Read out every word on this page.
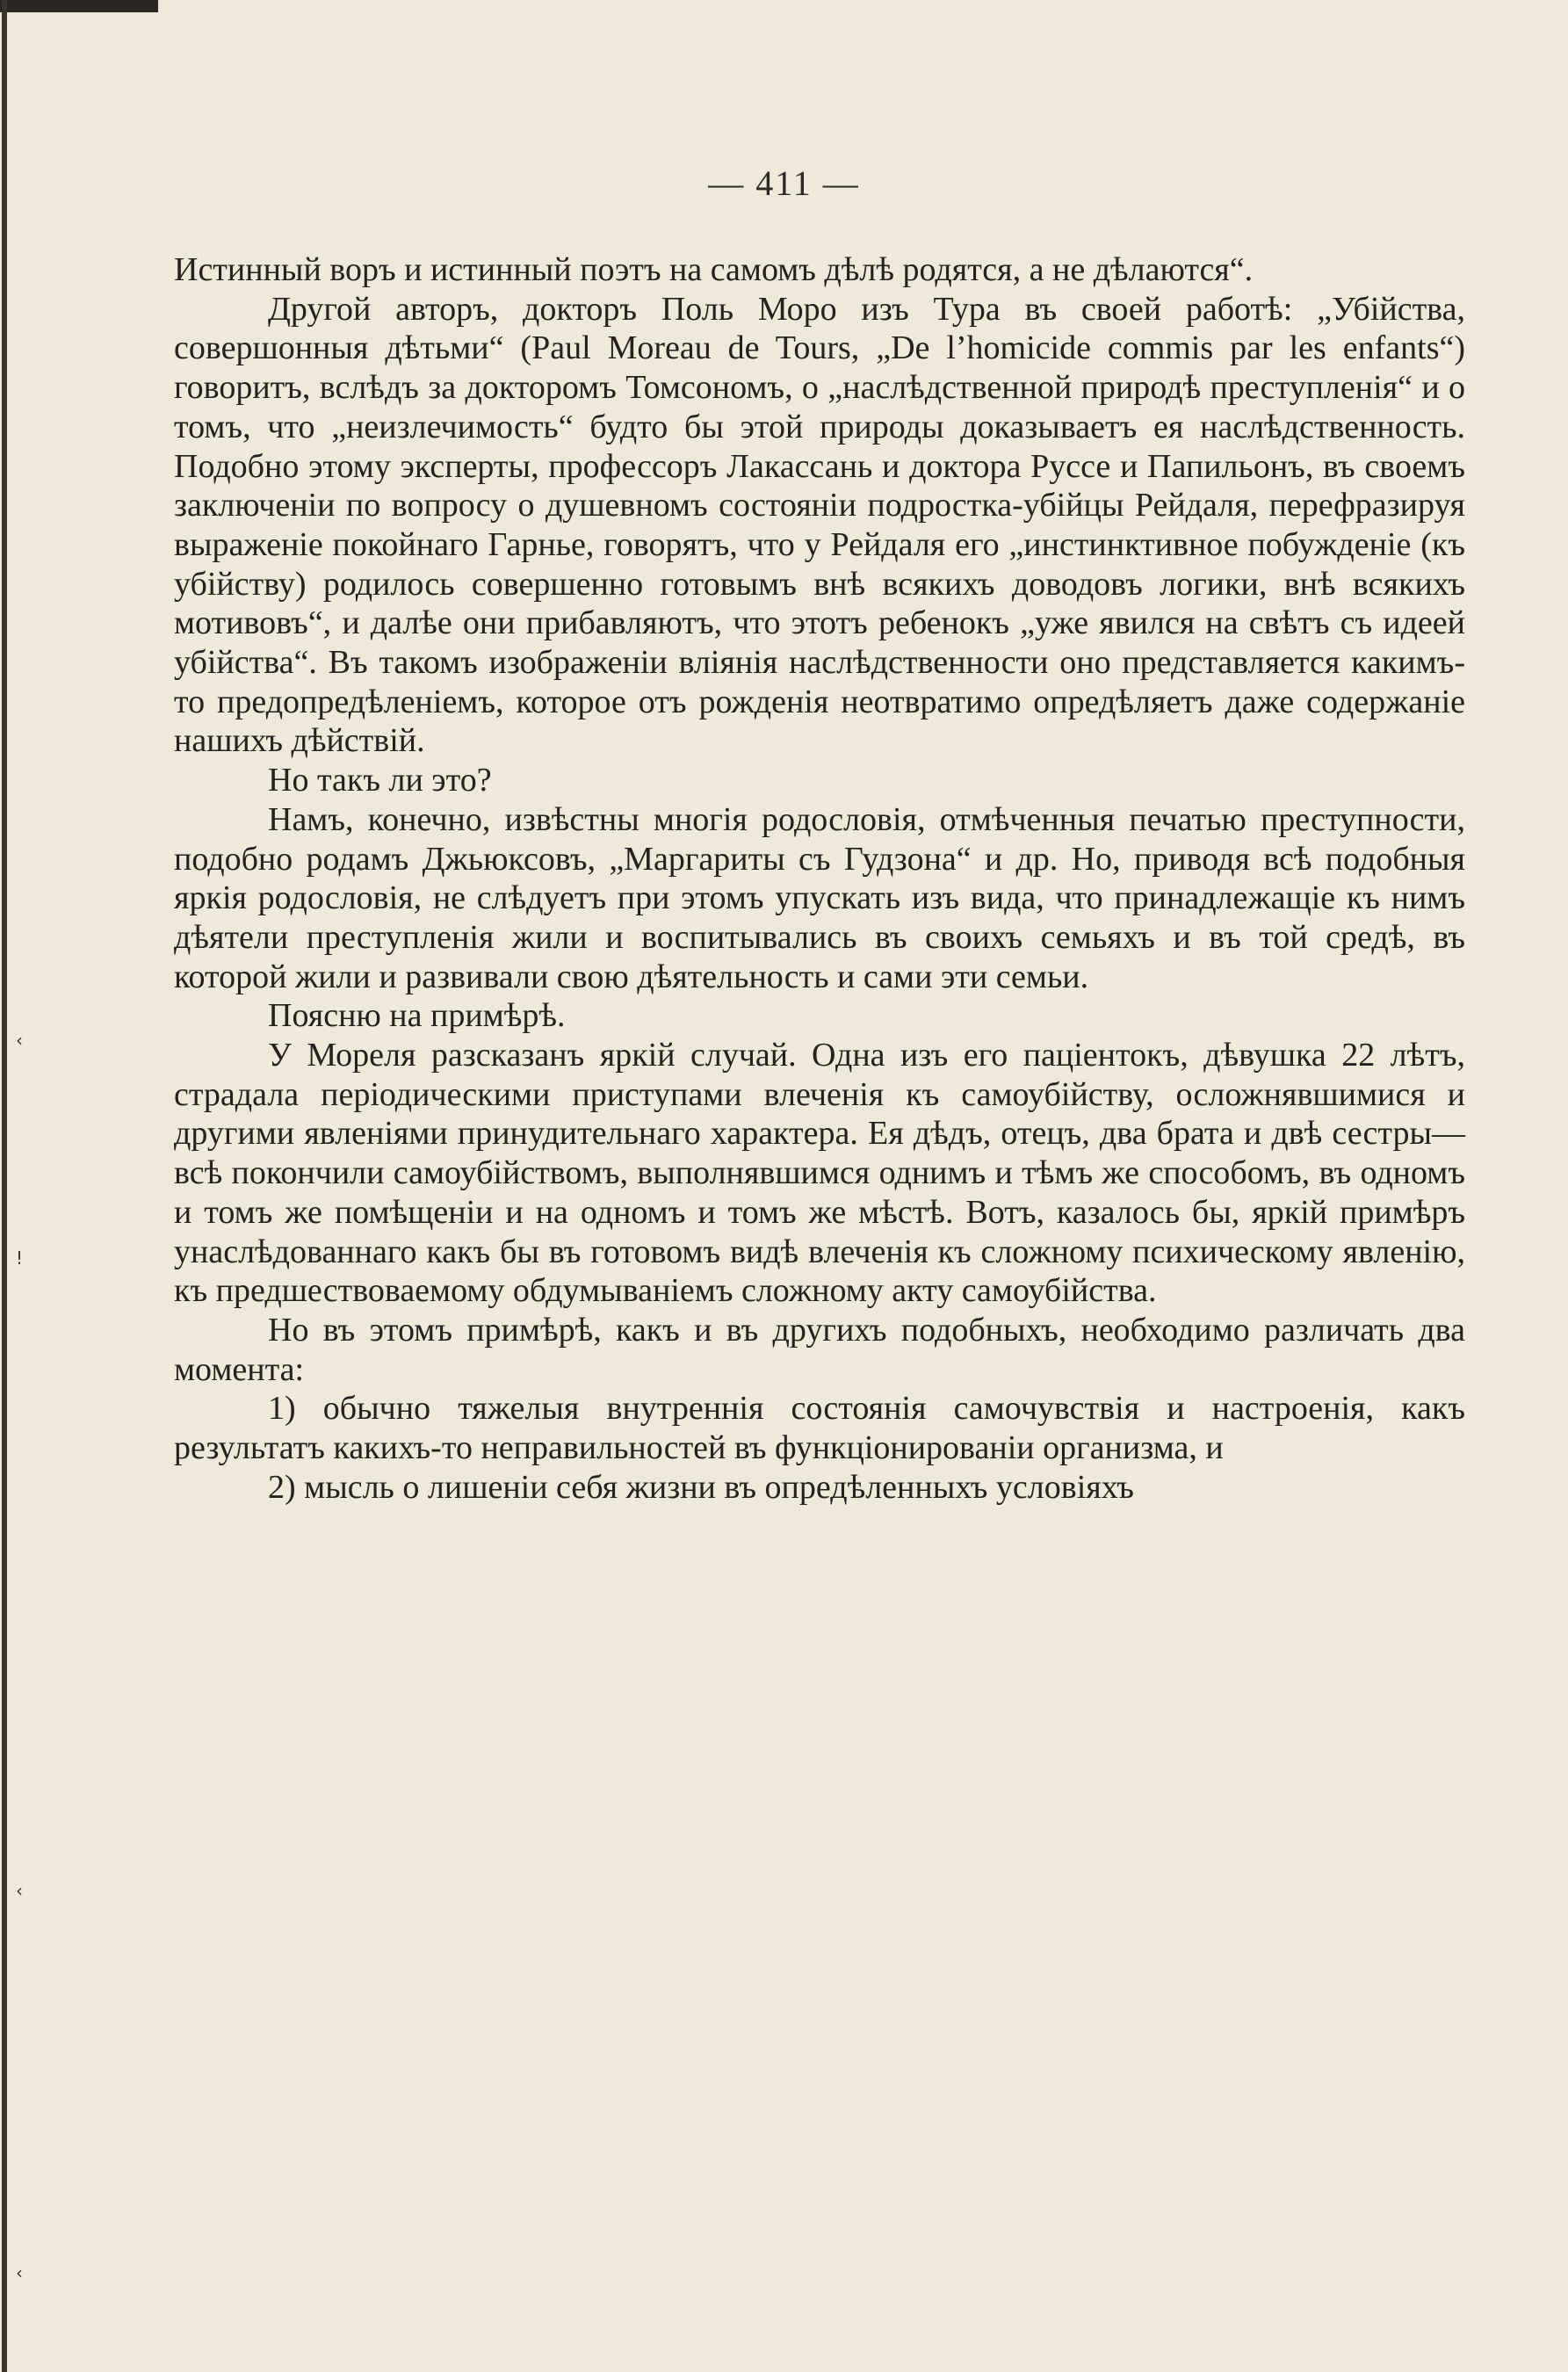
‹
!
‹
‹
— 411 —

Истинный воръ и истинный поэтъ на самомъ дѣлѣ родятся, а не дѣлаются“.

Другой авторъ, докторъ Поль Моро изъ Тура въ своей работѣ: „Убійства, совершонныя дѣтьми“ (Paul Moreau de Tours, „De l’homicide commis par les enfants“) говоритъ, вслѣдъ за докторомъ Томсономъ, о „наслѣдственной природѣ преступленія“ и о томъ, что „неизлечимость“ будто бы этой природы доказываетъ ея наслѣдственность. Подобно этому эксперты, профессоръ Лакассань и доктора Руссе и Папильонъ, въ своемъ заключеніи по вопросу о душевномъ состояніи подростка-убійцы Рейдаля, перефразируя выраженіе покойнаго Гарнье, говорятъ, что у Рейдаля его „инстинктивное побужденіе (къ убійству) родилось совершенно готовымъ внѣ всякихъ доводовъ логики, внѣ всякихъ мотивовъ“, и далѣе они прибавляютъ, что этотъ ребенокъ „уже явился на свѣтъ съ идеей убійства“. Въ такомъ изображеніи вліянія наслѣдственности оно представляется какимъ-то предопредѣленіемъ, которое отъ рожденія неотвратимо опредѣляетъ даже содержаніе нашихъ дѣйствій.

Но такъ ли это?

Намъ, конечно, извѣстны многія родословія, отмѣченныя печатью преступности, подобно родамъ Джьюксовъ, „Маргариты съ Гудзона“ и др. Но, приводя всѣ подобныя яркія родословія, не слѣдуетъ при этомъ упускать изъ вида, что принадлежащіе къ нимъ дѣятели преступленія жили и воспитывались въ своихъ семьяхъ и въ той средѣ, въ которой жили и развивали свою дѣятельность и сами эти семьи.

Поясню на примѣрѣ.

У Мореля разсказанъ яркій случай. Одна изъ его паціентокъ, дѣвушка 22 лѣтъ, страдала періодическими приступами влеченія къ самоубійству, осложнявшимися и другими явленіями принудительнаго характера. Ея дѣдъ, отецъ, два брата и двѣ сестры—всѣ покончили самоубійствомъ, выполнявшимся однимъ и тѣмъ же способомъ, въ одномъ и томъ же помѣщеніи и на одномъ и томъ же мѣстѣ. Вотъ, казалось бы, яркій примѣръ унаслѣдованнаго какъ бы въ готовомъ видѣ влеченія къ сложному психическому явленію, къ предшествоваемому обдумываніемъ сложному акту самоубійства.

Но въ этомъ примѣрѣ, какъ и въ другихъ подобныхъ, необходимо различать два момента:

1) обычно тяжелыя внутреннія состоянія самочувствія и настроенія, какъ результатъ какихъ-то неправильностей въ функціонированіи организма, и

2) мысль о лишеніи себя жизни въ опредѣленныхъ условіяхъ
